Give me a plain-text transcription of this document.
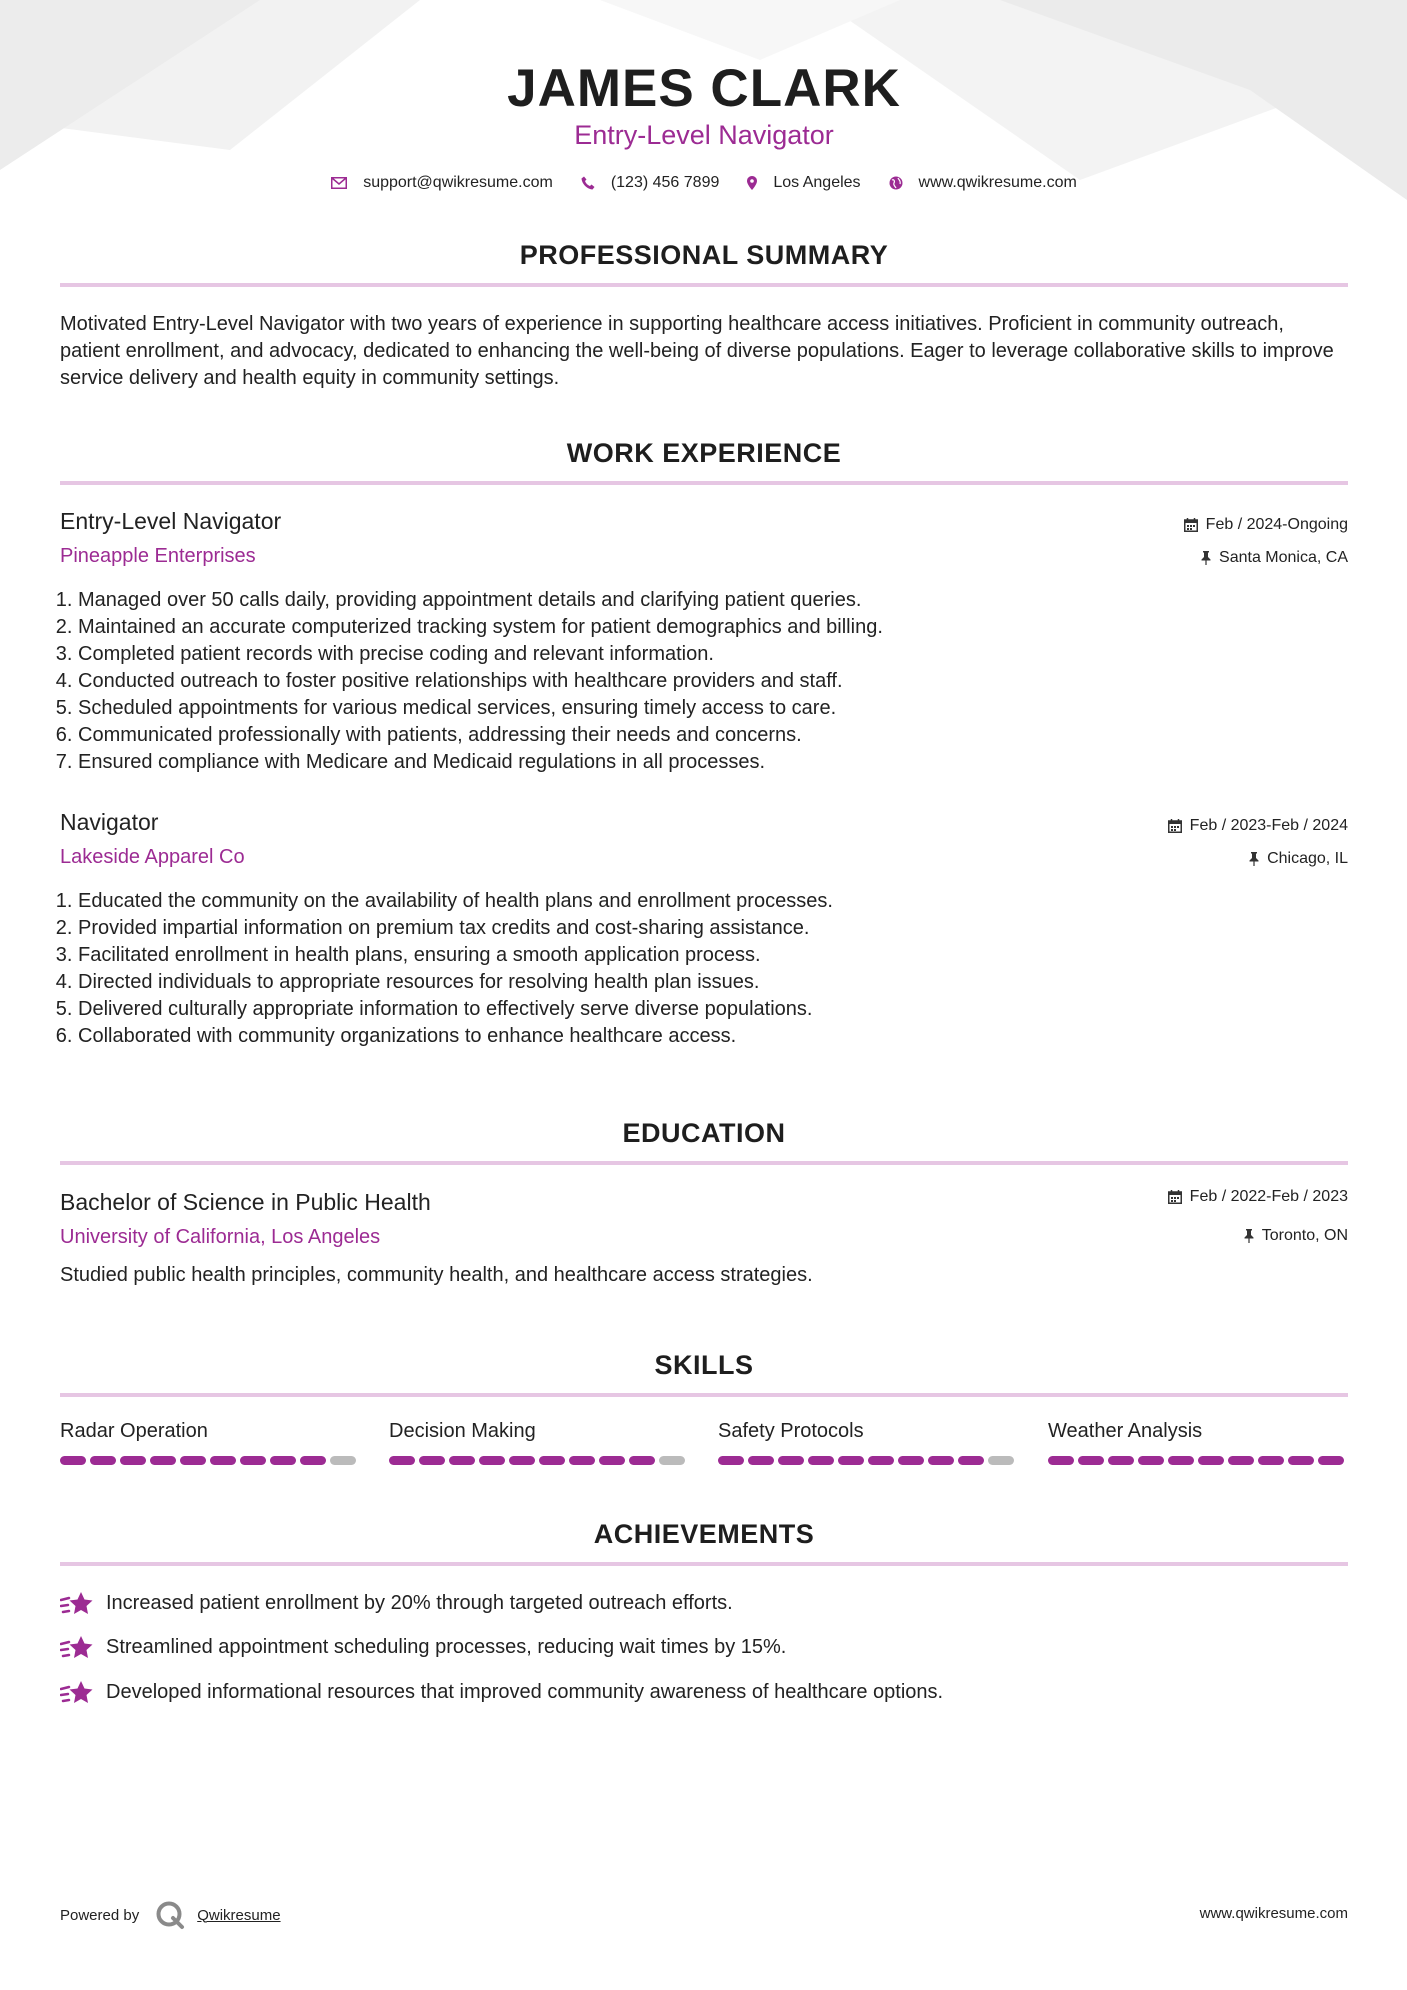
JAMES CLARK
Entry-Level Navigator
support@qwikresume.com	(123) 456 7899	Los Angeles	www.qwikresume.com
PROFESSIONAL SUMMARY
Motivated Entry-Level Navigator with two years of experience in supporting healthcare access initiatives. Proficient in community outreach, patient enrollment, and advocacy, dedicated to enhancing the well-being of diverse populations. Eager to leverage collaborative skills to improve service delivery and health equity in community settings.
WORK EXPERIENCE
Entry-Level Navigator
Pineapple Enterprises
Feb / 2024-Ongoing
Santa Monica, CA
1. Managed over 50 calls daily, providing appointment details and clarifying patient queries.
2. Maintained an accurate computerized tracking system for patient demographics and billing.
3. Completed patient records with precise coding and relevant information.
4. Conducted outreach to foster positive relationships with healthcare providers and staff.
5. Scheduled appointments for various medical services, ensuring timely access to care.
6. Communicated professionally with patients, addressing their needs and concerns.
7. Ensured compliance with Medicare and Medicaid regulations in all processes.
Navigator
Lakeside Apparel Co
Feb / 2023-Feb / 2024
Chicago, IL
1. Educated the community on the availability of health plans and enrollment processes.
2. Provided impartial information on premium tax credits and cost-sharing assistance.
3. Facilitated enrollment in health plans, ensuring a smooth application process.
4. Directed individuals to appropriate resources for resolving health plan issues.
5. Delivered culturally appropriate information to effectively serve diverse populations.
6. Collaborated with community organizations to enhance healthcare access.
EDUCATION
Bachelor of Science in Public Health
University of California, Los Angeles
Feb / 2022-Feb / 2023
Toronto, ON
Studied public health principles, community health, and healthcare access strategies.
SKILLS
Radar Operation	Decision Making	Safety Protocols	Weather Analysis
ACHIEVEMENTS
Increased patient enrollment by 20% through targeted outreach efforts.
Streamlined appointment scheduling processes, reducing wait times by 15%.
Developed informational resources that improved community awareness of healthcare options.
Powered by	Qwikresume	www.qwikresume.com
